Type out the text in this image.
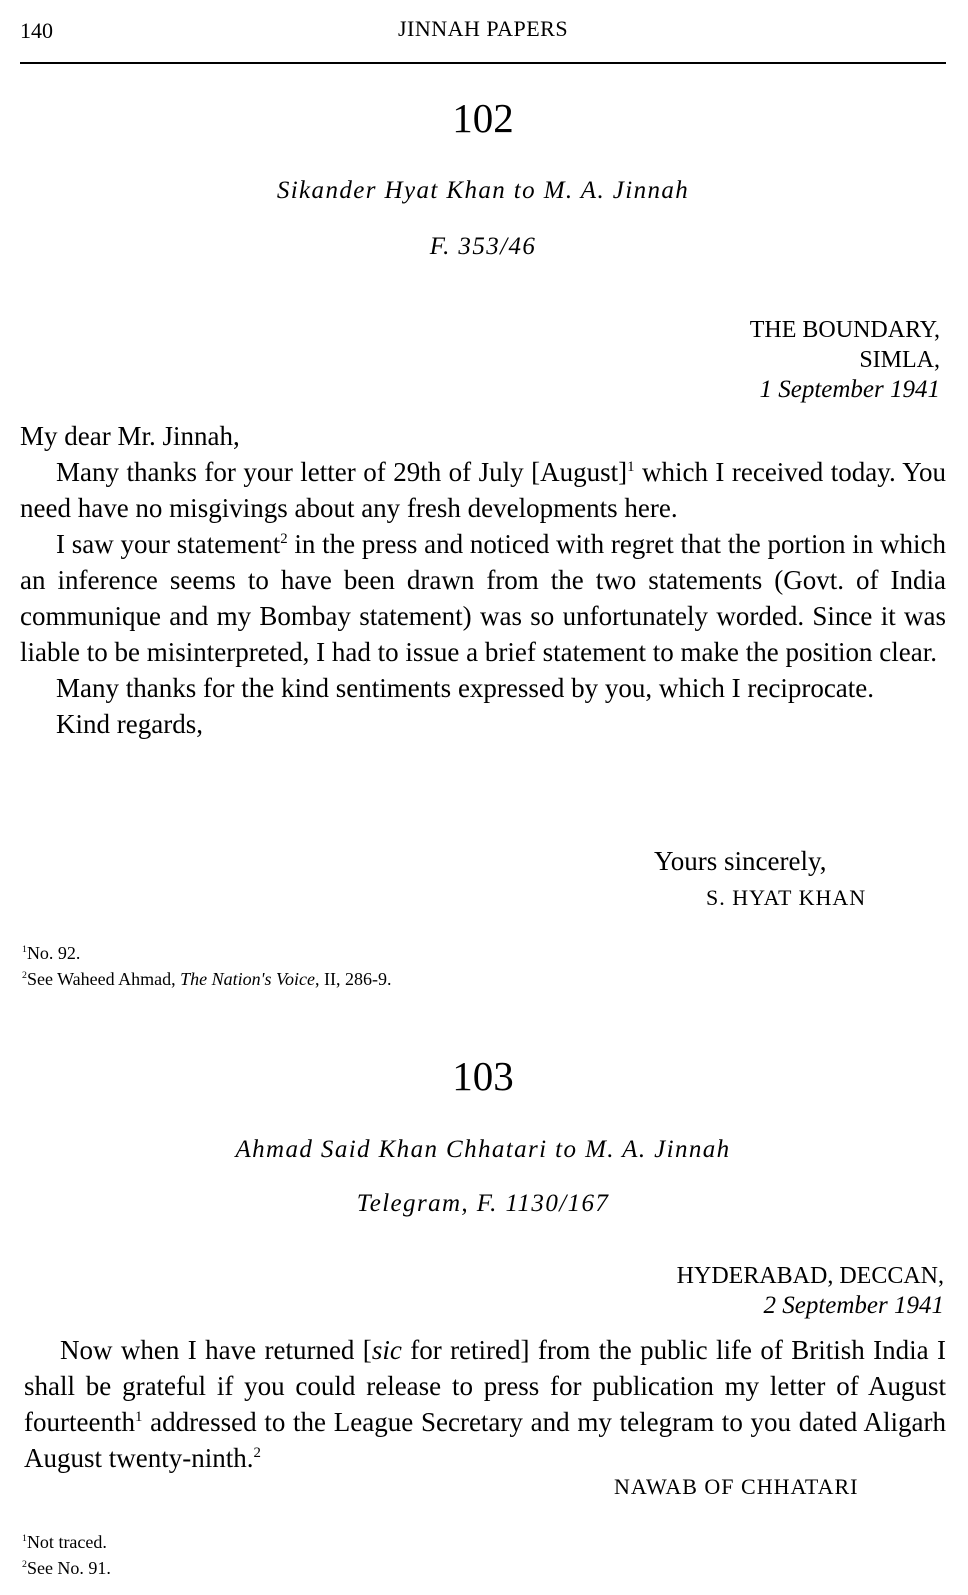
140	JINNAH PAPERS

102

Sikander Hyat Khan to M. A. Jinnah

F. 353/46

THE BOUNDARY,
SIMLA,
1 September 1941

My dear Mr. Jinnah,

Many thanks for your letter of 29th of July [August]$^1$ which I received today. You need have no misgivings about any fresh developments here.

I saw your statement$^2$ in the press and noticed with regret that the portion in which an inference seems to have been drawn from the two statements (Govt. of India communique and my Bombay statement) was so unfortunately worded. Since it was liable to be misinterpreted, I had to issue a brief statement to make the position clear.

Many thanks for the kind sentiments expressed by you, which I reciprocate.

Kind regards,

Yours sincerely,
S. HYAT KHAN
$^1$No. 92.
$^2$See Waheed Ahmad, The Nation's Voice, II, 286-9.

103

Ahmad Said Khan Chhatari to M. A. Jinnah

Telegram, F. 1130/167

HYDERABAD, DECCAN,
2 September 1941

Now when I have returned [sic for retired] from the public life of British India I shall be grateful if you could release to press for publication my letter of August fourteenth$^1$ addressed to the League Secretary and my telegram to you dated Aligarh August twenty-ninth.$^2$

NAWAB OF CHHATARI
$^1$Not traced.
$^2$See No. 91.
